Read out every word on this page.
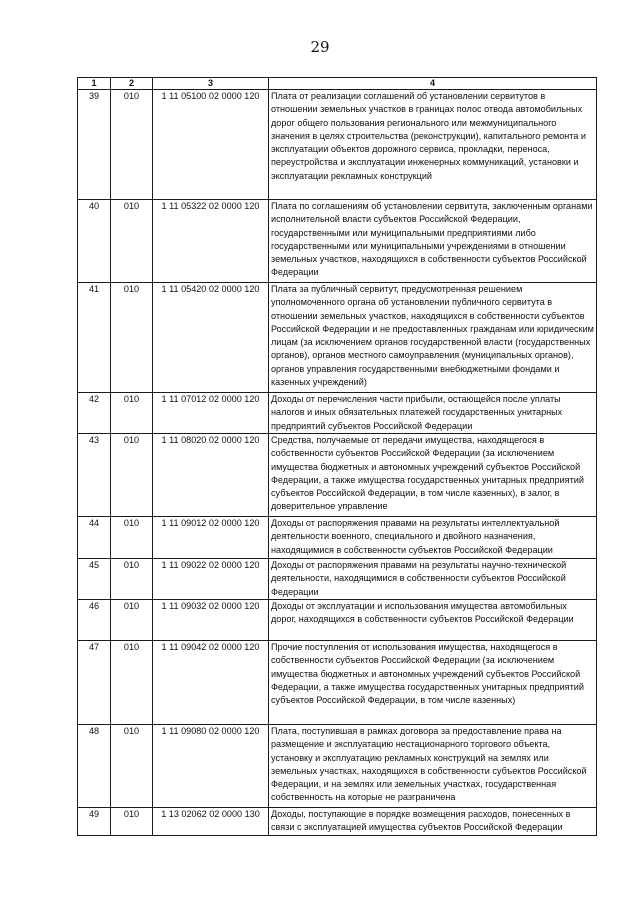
29
1	2	3	4
39	010	1 11 05100 02 0000 120	Плата от реализации соглашений об установлении сервитутов в отношении земельных участков в границах полос отвода автомобильных дорог общего пользования регионального или межмуниципального значения в целях строительства (реконструкции), капитального ремонта и эксплуатации объектов дорожного сервиса, прокладки, переноса, переустройства и эксплуатации инженерных коммуникаций, установки и эксплуатации рекламных конструкций
40	010	1 11 05322 02 0000 120	Плата по соглашениям об установлении сервитута, заключенным органами исполнительной власти субъектов Российской Федерации, государственными или муниципальными предприятиями либо государственными или муниципальными учреждениями в отношении земельных участков, находящихся в собственности субъектов Российской Федерации
41	010	1 11 05420 02 0000 120	Плата за публичный сервитут, предусмотренная решением уполномоченного органа об установлении публичного сервитута в отношении земельных участков, находящихся в собственности субъектов Российской Федерации и не предоставленных гражданам или юридическим лицам (за исключением органов государственной власти (государственных органов), органов местного самоуправления (муниципальных органов), органов управления государственными внебюджетными фондами и казенных учреждений)
42	010	1 11 07012 02 0000 120	Доходы от перечисления части прибыли, остающейся после уплаты налогов и иных обязательных платежей государственных унитарных предприятий субъектов Российской Федерации
43	010	1 11 08020 02 0000 120	Средства, получаемые от передачи имущества, находящегося в собственности субъектов Российской Федерации (за исключением имущества бюджетных и автономных учреждений субъектов Российской Федерации, а также имущества государственных унитарных предприятий субъектов Российской Федерации, в том числе казенных), в залог, в доверительное управление
44	010	1 11 09012 02 0000 120	Доходы от распоряжения правами на результаты интеллектуальной деятельности военного, специального и двойного назначения, находящимися в собственности субъектов Российской Федерации
45	010	1 11 09022 02 0000 120	Доходы от распоряжения правами на результаты научно-технической деятельности, находящимися в собственности субъектов Российской Федерации
46	010	1 11 09032 02 0000 120	Доходы от эксплуатации и использования имущества автомобильных дорог, находящихся в собственности субъектов Российской Федерации
47	010	1 11 09042 02 0000 120	Прочие поступления от использования имущества, находящегося в собственности субъектов Российской Федерации (за исключением имущества бюджетных и автономных учреждений субъектов Российской Федерации, а также имущества государственных унитарных предприятий субъектов Российской Федерации, в том числе казенных)
48	010	1 11 09080 02 0000 120	Плата, поступившая в рамках договора за предоставление права на размещение и эксплуатацию нестационарного торгового объекта, установку и эксплуатацию рекламных конструкций на землях или земельных участках, находящихся в собственности субъектов Российской Федерации, и на землях или земельных участках, государственная собственность на которые не разграничена
49	010	1 13 02062 02 0000 130	Доходы, поступающие в порядке возмещения расходов, понесенных в связи с эксплуатацией имущества субъектов Российской Федерации
